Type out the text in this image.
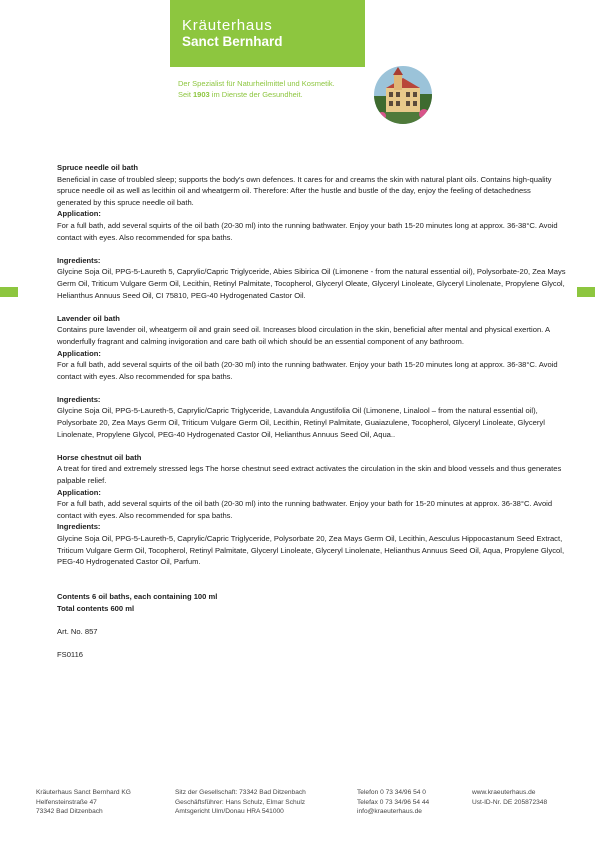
Kräuterhaus
Sanct Bernhard
Der Spezialist für Naturheilmittel und Kosmetik.
Seit 1903 im Dienste der Gesundheit.

Spruce needle oil bath

Beneficial in case of troubled sleep; supports the body's own defences. It cares for and creams the skin with natural plant oils. Contains high-quality spruce needle oil as well as lecithin oil and wheatgerm oil. Therefore: After the hustle and bustle of the day, enjoy the feeling of detachedness generated by this spruce needle oil bath.

Application:

For a full bath, add several squirts of the oil bath (20-30 ml) into the running bathwater. Enjoy your bath 15-20 minutes long at approx. 36-38°C. Avoid contact with eyes. Also recommended for spa baths.

Ingredients:

Glycine Soja Oil, PPG-5-Laureth 5, Caprylic/Capric Triglyceride, Abies Sibirica Oil (Limonene - from the natural essential oil), Polysorbate-20, Zea Mays Germ Oil, Triticum Vulgare Germ Oil, Lecithin, Retinyl Palmitate, Tocopherol, Glyceryl Oleate, Glyceryl Linoleate, Glyceryl Linolenate, Propylene Glycol, Helianthus Annuus Seed Oil, CI 75810, PEG-40 Hydrogenated Castor Oil.

Lavender oil bath

Contains pure lavender oil, wheatgerm oil and grain seed oil. Increases blood circulation in the skin, beneficial after mental and physical exertion. A wonderfully fragrant and calming invigoration and care bath oil which should be an essential component of any bathroom.

Application:

For a full bath, add several squirts of the oil bath (20-30 ml) into the running bathwater. Enjoy your bath 15-20 minutes long at approx. 36-38°C. Avoid contact with eyes. Also recommended for spa baths.

Ingredients:

Glycine Soja Oil, PPG-5-Laureth-5, Caprylic/Capric Triglyceride, Lavandula Angustifolia Oil (Limonene, Linalool – from the natural essential oil), Polysorbate 20, Zea Mays Germ Oil, Triticum Vulgare Germ Oil, Lecithin, Retinyl Palmitate, Guaiazulene, Tocopherol, Glyceryl Linoleate, Glyceryl Linolenate, Propylene Glycol, PEG-40 Hydrogenated Castor Oil, Helianthus Annuus Seed Oil, Aqua..

Horse chestnut oil bath

A treat for tired and extremely stressed legs The horse chestnut seed extract activates the circulation in the skin and blood vessels and thus generates palpable relief.

Application:

For a full bath, add several squirts of the oil bath (20-30 ml) into the running bathwater. Enjoy your bath for 15-20 minutes at approx. 36-38°C. Avoid contact with eyes. Also recommended for spa baths.

Ingredients:

Glycine Soja Oil, PPG-5-Laureth-5, Caprylic/Capric Triglyceride, Polysorbate 20, Zea Mays Germ Oil, Lecithin, Aesculus Hippocastanum Seed Extract, Triticum Vulgare Germ Oil, Tocopherol, Retinyl Palmitate, Glyceryl Linoleate, Glyceryl Linolenate, Helianthus Annuus Seed Oil, Aqua, Propylene Glycol, PEG-40 Hydrogenated Castor Oil, Parfum.

Contents 6 oil baths, each containing 100 ml

Total contents 600 ml

Art. No. 857

FS0116

Kräuterhaus Sanct Bernhard KG
Helfensteinstraße 47
73342 Bad Ditzenbach
Sitz der Gesellschaft: 73342 Bad Ditzenbach
Geschäftsführer: Hans Schulz, Elmar Schulz
Amtsgericht Ulm/Donau HRA 541000
Telefon 0 73 34/96 54 0
Telefax 0 73 34/96 54 44
info@kraeuterhaus.de
www.kraeuterhaus.de
Ust-ID-Nr. DE 205872348
